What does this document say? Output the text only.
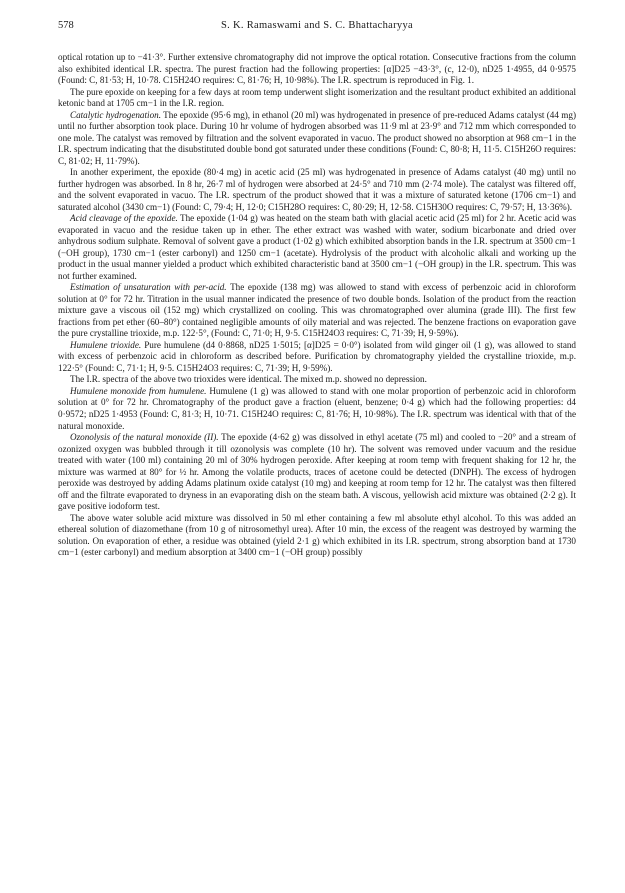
578	S. K. Ramaswami and S. C. Bhattacharyya

optical rotation up to −41·3°. Further extensive chromatography did not improve the optical rotation. Consecutive fractions from the column also exhibited identical I.R. spectra. The purest fraction had the following properties: [α]D25 −43·3°, (c, 12·0), nD25 1·4955, d4 0·9575 (Found: C, 81·53; H, 10·78. C15H24O requires: C, 81·76; H, 10·98%). The I.R. spectrum is reproduced in Fig. 1.

The pure epoxide on keeping for a few days at room temp underwent slight isomerization and the resultant product exhibited an additional ketonic band at 1705 cm−1 in the I.R. region.

Catalytic hydrogenation. The epoxide (95·6 mg), in ethanol (20 ml) was hydrogenated in presence of pre-reduced Adams catalyst (44 mg) until no further absorption took place. During 10 hr volume of hydrogen absorbed was 11·9 ml at 23·9° and 712 mm which corresponded to one mole. The catalyst was removed by filtration and the solvent evaporated in vacuo. The product showed no absorption at 968 cm−1 in the I.R. spectrum indicating that the disubstituted double bond got saturated under these conditions (Found: C, 80·8; H, 11·5. C15H26O requires: C, 81·02; H, 11·79%).

In another experiment, the epoxide (80·4 mg) in acetic acid (25 ml) was hydrogenated in presence of Adams catalyst (40 mg) until no further hydrogen was absorbed. In 8 hr, 26·7 ml of hydrogen were absorbed at 24·5° and 710 mm (2·74 mole). The catalyst was filtered off, and the solvent evaporated in vacuo. The I.R. spectrum of the product showed that it was a mixture of saturated ketone (1706 cm−1) and saturated alcohol (3430 cm−1) (Found: C, 79·4; H, 12·0; C15H28O requires: C, 80·29; H, 12·58. C15H30O requires: C, 79·57; H, 13·36%).

Acid cleavage of the epoxide. The epoxide (1·04 g) was heated on the steam bath with glacial acetic acid (25 ml) for 2 hr. Acetic acid was evaporated in vacuo and the residue taken up in ether. The ether extract was washed with water, sodium bicarbonate and dried over anhydrous sodium sulphate. Removal of solvent gave a product (1·02 g) which exhibited absorption bands in the I.R. spectrum at 3500 cm−1 (−OH group), 1730 cm−1 (ester carbonyl) and 1250 cm−1 (acetate). Hydrolysis of the product with alcoholic alkali and working up the product in the usual manner yielded a product which exhibited characteristic band at 3500 cm−1 (−OH group) in the I.R. spectrum. This was not further examined.

Estimation of unsaturation with per-acid. The epoxide (138 mg) was allowed to stand with excess of perbenzoic acid in chloroform solution at 0° for 72 hr. Titration in the usual manner indicated the presence of two double bonds. Isolation of the product from the reaction mixture gave a viscous oil (152 mg) which crystallized on cooling. This was chromatographed over alumina (grade III). The first few fractions from pet ether (60–80°) contained negligible amounts of oily material and was rejected. The benzene fractions on evaporation gave the pure crystalline trioxide, m.p. 122·5°, (Found: C, 71·0; H, 9·5. C15H24O3 requires: C, 71·39; H, 9·59%).

Humulene trioxide. Pure humulene (d4 0·8868, nD25 1·5015; [α]D25 = 0·0°) isolated from wild ginger oil (1 g), was allowed to stand with excess of perbenzoic acid in chloroform as described before. Purification by chromatography yielded the crystalline trioxide, m.p. 122·5° (Found: C, 71·1; H, 9·5. C15H24O3 requires: C, 71·39; H, 9·59%).

The I.R. spectra of the above two trioxides were identical. The mixed m.p. showed no depression.

Humulene monoxide from humulene. Humulene (1 g) was allowed to stand with one molar proportion of perbenzoic acid in chloroform solution at 0° for 72 hr. Chromatography of the product gave a fraction (eluent, benzene; 0·4 g) which had the following properties: d4 0·9572; nD25 1·4953 (Found: C, 81·3; H, 10·71. C15H24O requires: C, 81·76; H, 10·98%). The I.R. spectrum was identical with that of the natural monoxide.

Ozonolysis of the natural monoxide (II). The epoxide (4·62 g) was dissolved in ethyl acetate (75 ml) and cooled to −20° and a stream of ozonized oxygen was bubbled through it till ozonolysis was complete (10 hr). The solvent was removed under vacuum and the residue treated with water (100 ml) containing 20 ml of 30% hydrogen peroxide. After keeping at room temp with frequent shaking for 12 hr, the mixture was warmed at 80° for ½ hr. Among the volatile products, traces of acetone could be detected (DNPH). The excess of hydrogen peroxide was destroyed by adding Adams platinum oxide catalyst (10 mg) and keeping at room temp for 12 hr. The catalyst was then filtered off and the filtrate evaporated to dryness in an evaporating dish on the steam bath. A viscous, yellowish acid mixture was obtained (2·2 g). It gave positive iodoform test.

The above water soluble acid mixture was dissolved in 50 ml ether containing a few ml absolute ethyl alcohol. To this was added an ethereal solution of diazomethane (from 10 g of nitrosomethyl urea). After 10 min, the excess of the reagent was destroyed by warming the solution. On evaporation of ether, a residue was obtained (yield 2·1 g) which exhibited in its I.R. spectrum, strong absorption band at 1730 cm−1 (ester carbonyl) and medium absorption at 3400 cm−1 (−OH group) possibly
